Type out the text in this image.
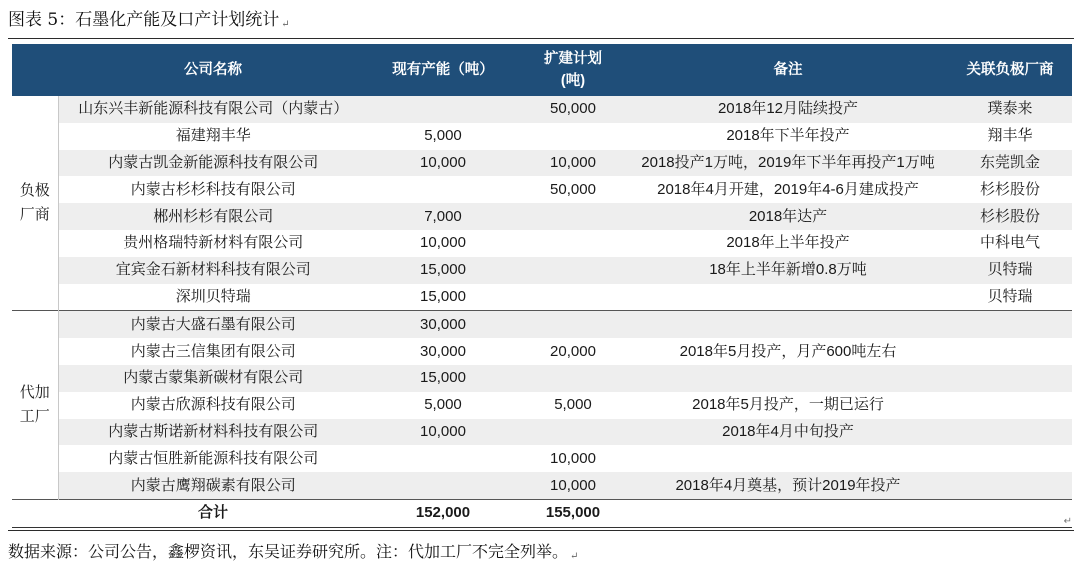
图表 5：石墨化产能及口产计划统计 ↵
	公司名称	现有产能（吨）	扩建计划
(吨)	备注	关联负极厂商
负极
厂商	山东兴丰新能源科技有限公司（内蒙古）		50,000	2018年12月陆续投产	璞泰来
	福建翔丰华	5,000		2018年下半年投产	翔丰华
	内蒙古凯金新能源科技有限公司	10,000	10,000	2018投产1万吨，2019年下半年再投产1万吨	东莞凯金
	内蒙古杉杉科技有限公司		50,000	2018年4月开建，2019年4-6月建成投产	杉杉股份
	郴州杉杉有限公司	7,000		2018年达产	杉杉股份
	贵州格瑞特新材料有限公司	10,000		2018年上半年投产	中科电气
	宜宾金石新材料科技有限公司	15,000		18年上半年新增0.8万吨	贝特瑞
	深圳贝特瑞	15,000			贝特瑞
代加
工厂	内蒙古大盛石墨有限公司	30,000			
	内蒙古三信集团有限公司	30,000	20,000	2018年5月投产，月产600吨左右	
	内蒙古蒙集新碳材有限公司	15,000			
	内蒙古欣源科技有限公司	5,000	5,000	2018年5月投产，一期已运行	
	内蒙古斯诺新材料科技有限公司	10,000		2018年4月中旬投产	
	内蒙古恒胜新能源科技有限公司		10,000		
	内蒙古鹰翔碳素有限公司		10,000	2018年4月奠基，预计2019年投产	
	合计	152,000	155,000		
↵
数据来源：公司公告，鑫椤资讯，东吴证券研究所。注：代加工厂不完全列举。 ↵
